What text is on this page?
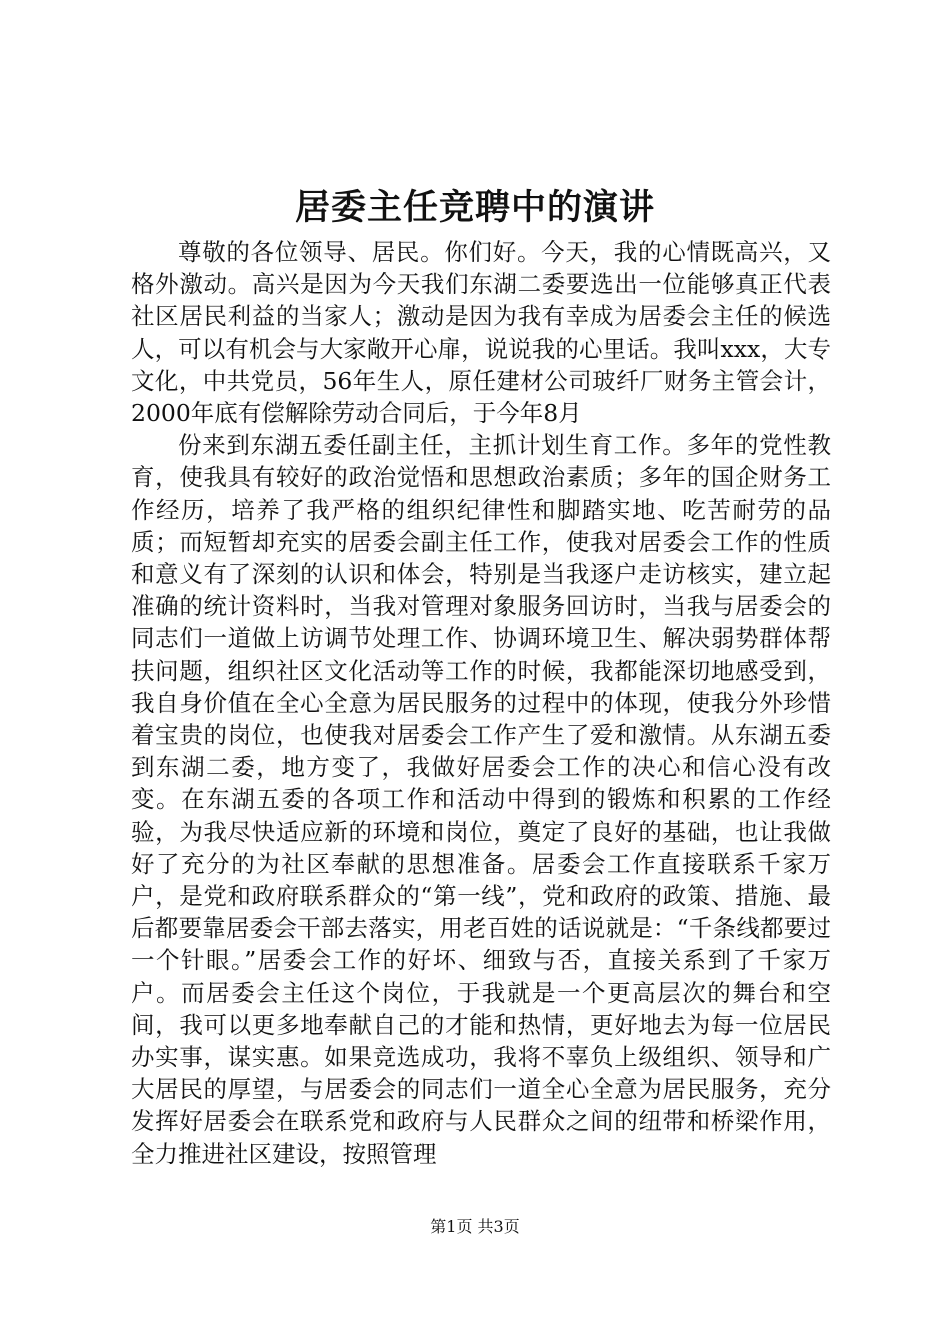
居委主任竞聘中的演讲

尊敬的各位领导、居民。你们好。今天，我的心情既高兴，又格外激动。高兴是因为今天我们东湖二委要选出一位能够真正代表社区居民利益的当家人；激动是因为我有幸成为居委会主任的候选人，可以有机会与大家敞开心扉，说说我的心里话。我叫xxx，大专文化，中共党员，56年生人，原任建材公司玻纤厂财务主管会计，2000年底有偿解除劳动合同后，于今年8月

份来到东湖五委任副主任，主抓计划生育工作。多年的党性教育，使我具有较好的政治觉悟和思想政治素质；多年的国企财务工作经历，培养了我严格的组织纪律性和脚踏实地、吃苦耐劳的品质；而短暂却充实的居委会副主任工作，使我对居委会工作的性质和意义有了深刻的认识和体会，特别是当我逐户走访核实，建立起准确的统计资料时，当我对管理对象服务回访时，当我与居委会的同志们一道做上访调节处理工作、协调环境卫生、解决弱势群体帮扶问题，组织社区文化活动等工作的时候，我都能深切地感受到，我自身价值在全心全意为居民服务的过程中的体现，使我分外珍惜着宝贵的岗位，也使我对居委会工作产生了爱和激情。从东湖五委到东湖二委，地方变了，我做好居委会工作的决心和信心没有改变。在东湖五委的各项工作和活动中得到的锻炼和积累的工作经验，为我尽快适应新的环境和岗位，奠定了良好的基础，也让我做好了充分的为社区奉献的思想准备。居委会工作直接联系千家万户，是党和政府联系群众的“第一线”，党和政府的政策、措施、最后都要靠居委会干部去落实，用老百姓的话说就是：“千条线都要过一个针眼。”居委会工作的好坏、细致与否，直接关系到了千家万户。而居委会主任这个岗位，于我就是一个更高层次的舞台和空间，我可以更多地奉献自己的才能和热情，更好地去为每一位居民办实事，谋实惠。如果竞选成功，我将不辜负上级组织、领导和广大居民的厚望，与居委会的同志们一道全心全意为居民服务，充分发挥好居委会在联系党和政府与人民群众之间的纽带和桥梁作用，全力推进社区建设，按照管理

第1页 共3页
